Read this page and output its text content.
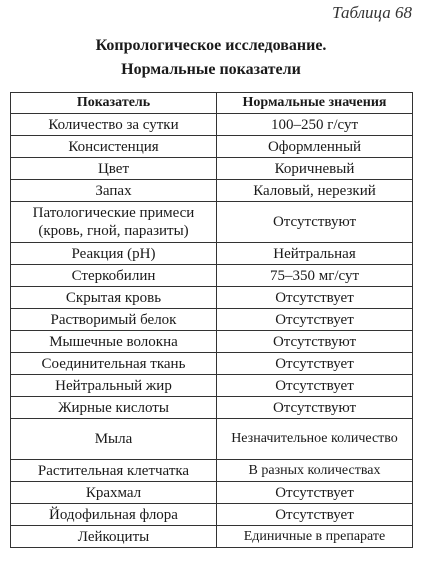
Таблица 68
Копрологическое исследование.
Нормальные показатели
Показатель	Нормальные значения
Количество за сутки	100–250 г/сут
Консистенция	Оформленный
Цвет	Коричневый
Запах	Каловый, нерезкий
Патологические примеси (кровь, гной, паразиты)	Отсутствуют
Реакция (pH)	Нейтральная
Стеркобилин	75–350 мг/сут
Скрытая кровь	Отсутствует
Растворимый белок	Отсутствует
Мышечные волокна	Отсутствуют
Соединительная ткань	Отсутствует
Нейтральный жир	Отсутствует
Жирные кислоты	Отсутствуют
Мыла	Незначительное количество
Растительная клетчатка	В разных количествах
Крахмал	Отсутствует
Йодофильная флора	Отсутствует
Лейкоциты	Единичные в препарате
